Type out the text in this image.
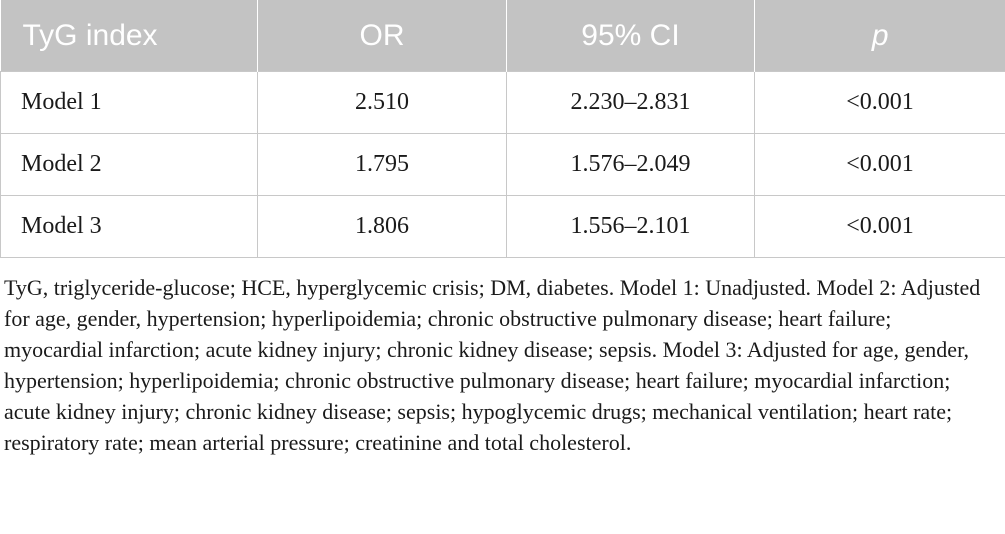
TyG index	OR	95% CI	p
Model 1	2.510	2.230–2.831	<0.001
Model 2	1.795	1.576–2.049	<0.001
Model 3	1.806	1.556–2.101	<0.001

TyG, triglyceride-glucose; HCE, hyperglycemic crisis; DM, diabetes. Model 1: Unadjusted. Model 2: Adjusted for age, gender, hypertension; hyperlipoidemia; chronic obstructive pulmonary disease; heart failure; myocardial infarction; acute kidney injury; chronic kidney disease; sepsis. Model 3: Adjusted for age, gender, hypertension; hyperlipoidemia; chronic obstructive pulmonary disease; heart failure; myocardial infarction; acute kidney injury; chronic kidney disease; sepsis; hypoglycemic drugs; mechanical ventilation; heart rate; respiratory rate; mean arterial pressure; creatinine and total cholesterol.
